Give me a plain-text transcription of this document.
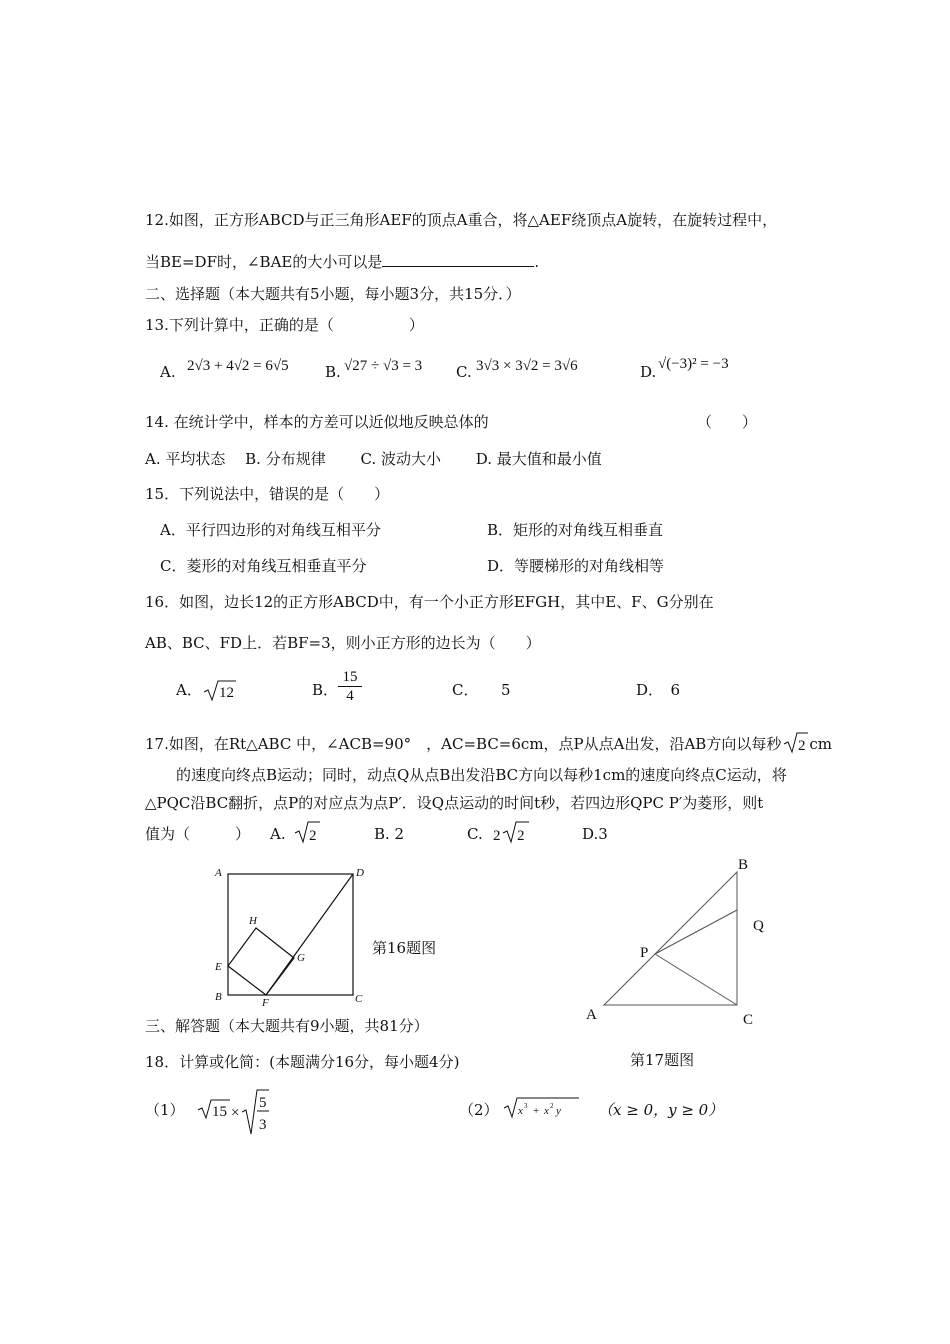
12.如图，正方形ABCD与正三角形AEF的顶点A重合，将△AEF绕顶点A旋转，在旋转过程中，
当BE=DF时，∠BAE的大小可以是	.
二、选择题（本大题共有5小题，每小题3分，共15分．）
13.下列计算中，正确的是（　　　　　）
A. 2√3 + 4√2 = 6√5 B. √27 ÷ √3 = 3 C. 3√3 × 3√2 = 3√6	D. √(−3)² = −3
14. 在统计学中，样本的方差可以近似地反映总体的	（　　）
A. 平均状态　 B. 分布规律　　 C. 波动大小　　 D. 最大值和最小值
15．下列说法中，错误的是（　　）
A．平行四边形的对角线互相平分	B．矩形的对角线互相垂直
C．菱形的对角线互相垂直平分	D．等腰梯形的对角线相等
16．如图，边长12的正方形ABCD中，有一个小正方形EFGH，其中E、F、G分别在
AB、BC、FD上．若BF=3，则小正方形的边长为（　　）
A． 12	B．
15
4	C．　　5	D．　6
17.如图，在Rt△ABC 中，∠ACB=90°　，AC=BC=6cm，点P从点A出发，沿AB方向以每秒 2 cm
的速度向终点B运动；同时，动点Q从点B出发沿BC方向以每秒1cm的速度向终点C运动，将
△PQC沿BC翻折，点P的对应点为点P′．设Q点运动的时间t秒，若四边形QPC P′为菱形，则t
值为（　　　） A. 2	B. 2	C. 2 2	D.3
A	D
B	C
E
F
G
H
第16题图
B
Q
P
A	C
第17题图
三、解答题（本大题共有9小题，共81分）
18．计算或化简：(本题满分16分，每小题4分)
（1） 15 ×
5
3
（2） x 3 + x 2 y （x ≥ 0，y ≥ 0）
